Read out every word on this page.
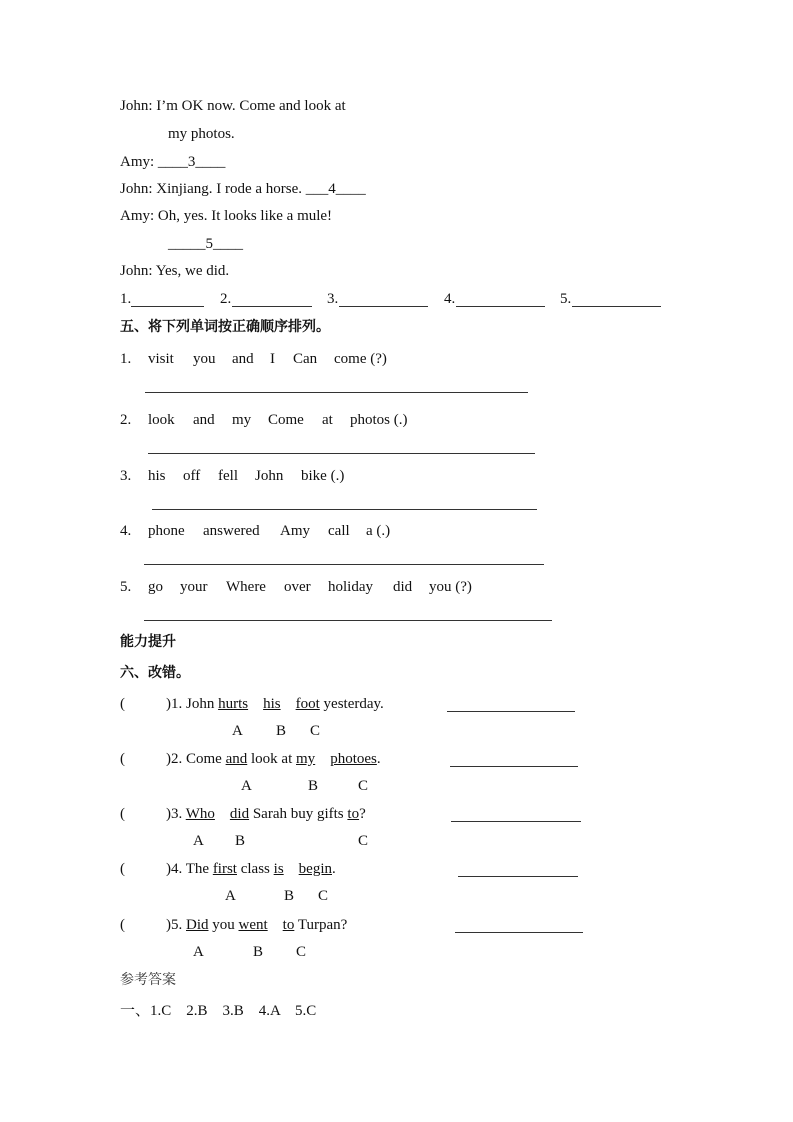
John: I’m OK now. Come and look at
my photos.
Amy: ____3____
John: Xinjiang. I rode a horse. ___4____
Amy: Oh, yes. It looks like a mule!
_____5____
John: Yes, we did.
1.	2.	3.	4.	5.
五、将下列单词按正确顺序排列。
1. visit you and I Can come (?)
2. look and my Come at photos (.)
3. his off fell John bike (.)
4. phone answered Amy call a (.)
5. go your Where over holiday did you (?)
能力提升
六、改错。
(	)1. John hurts his foot yesterday.
A B C
(	)2. Come and look at my photoes.
A	B	C
(	)3. Who did Sarah buy gifts to?
A B	C
(	)4. The first class is begin.
A	B C
(	)5. Did you went to Turpan?
A	B C
参考答案
一、1.C    2.B    3.B    4.A    5.C
